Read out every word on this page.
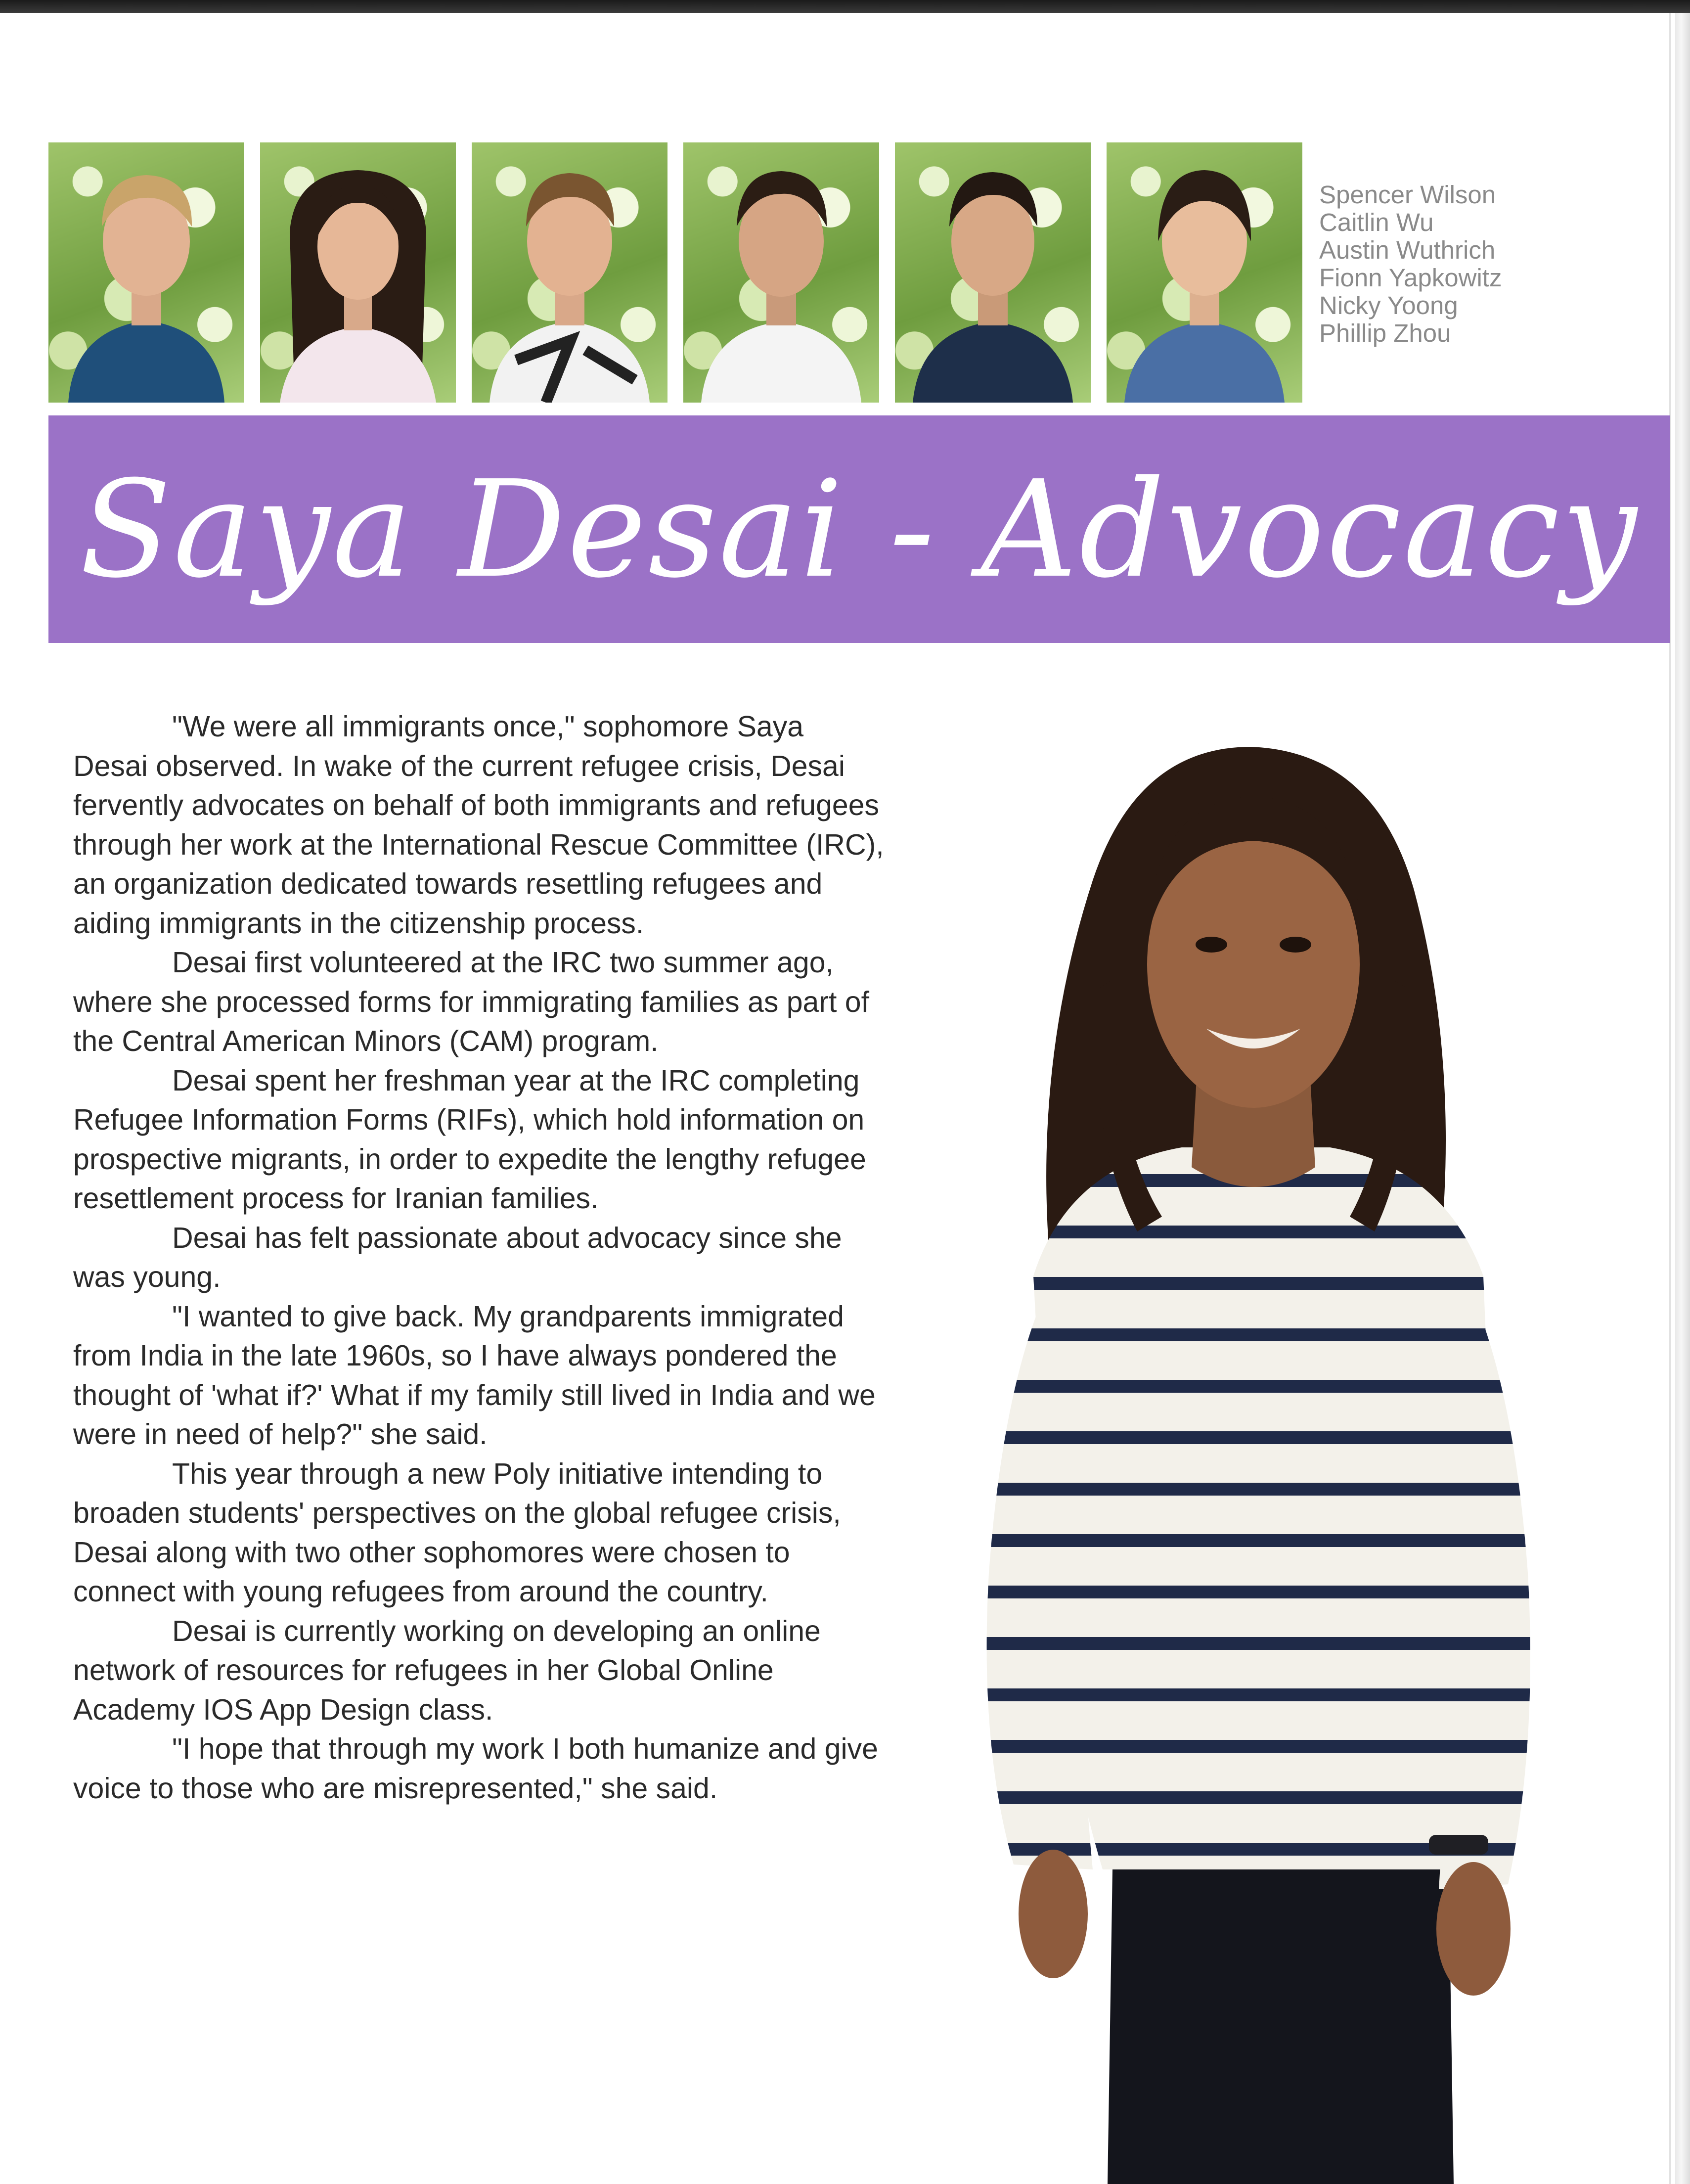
Spencer Wilson
Caitlin Wu
Austin Wuthrich
Fionn Yapkowitz
Nicky Yoong
Phillip Zhou
Saya Desai - Advocacy

"We were all immigrants once," sophomore Saya Desai observed. In wake of the current refugee crisis, Desai fervently advocates on behalf of both immigrants and refugees through her work at the International Rescue Committee (IRC), an organization dedicated towards resettling refugees and aiding immigrants in the citizenship process.

Desai first volunteered at the IRC two summer ago, where she processed forms for immigrating families as part of the Central American Minors (CAM) program.

Desai spent her freshman year at the IRC completing Refugee Information Forms (RIFs), which hold information on prospective migrants, in order to expedite the lengthy refugee resettlement process for Iranian families.

Desai has felt passionate about advocacy since she was young.

"I wanted to give back. My grandparents immigrated from India in the late 1960s, so I have always pondered the thought of 'what if?' What if my family still lived in India and we were in need of help?" she said.

This year through a new Poly initiative intending to broaden students' perspectives on the global refugee crisis, Desai along with two other sophomores were chosen to connect with young refugees from around the country.

Desai is currently working on developing an online network of resources for refugees in her Global Online Academy IOS App Design class.

"I hope that through my work I both humanize and give voice to those who are misrepresented," she said.
